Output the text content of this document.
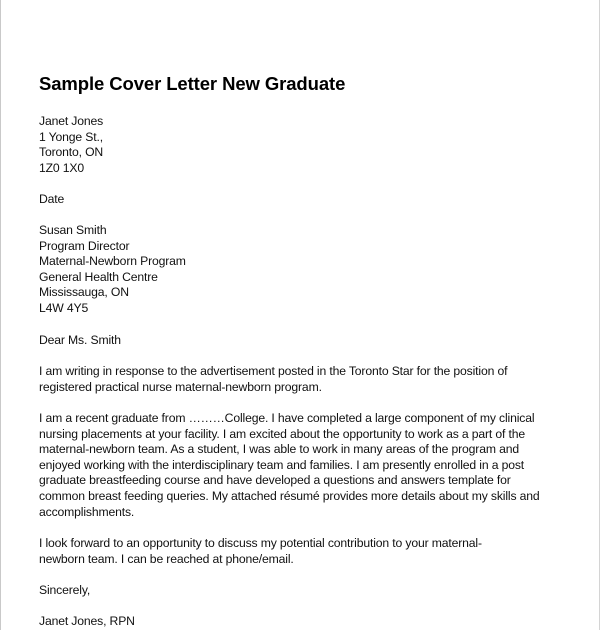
Sample Cover Letter New Graduate
Janet Jones
1 Yonge St.,
Toronto, ON
1Z0 1X0
Date
Susan Smith
Program Director
Maternal-Newborn Program
General Health Centre
Mississauga, ON
L4W 4Y5
Dear Ms. Smith
I am writing in response to the advertisement posted in the Toronto Star for the position of
registered practical nurse maternal-newborn program.
I am a recent graduate from ………College. I have completed a large component of my clinical
nursing placements at your facility. I am excited about the opportunity to work as a part of the
maternal-newborn team. As a student, I was able to work in many areas of the program and
enjoyed working with the interdisciplinary team and families. I am presently enrolled in a post
graduate breastfeeding course and have developed a questions and answers template for
common breast feeding queries. My attached résumé provides more details about my skills and
accomplishments.
I look forward to an opportunity to discuss my potential contribution to your maternal-
newborn team. I can be reached at phone/email.
Sincerely,
Janet Jones, RPN
